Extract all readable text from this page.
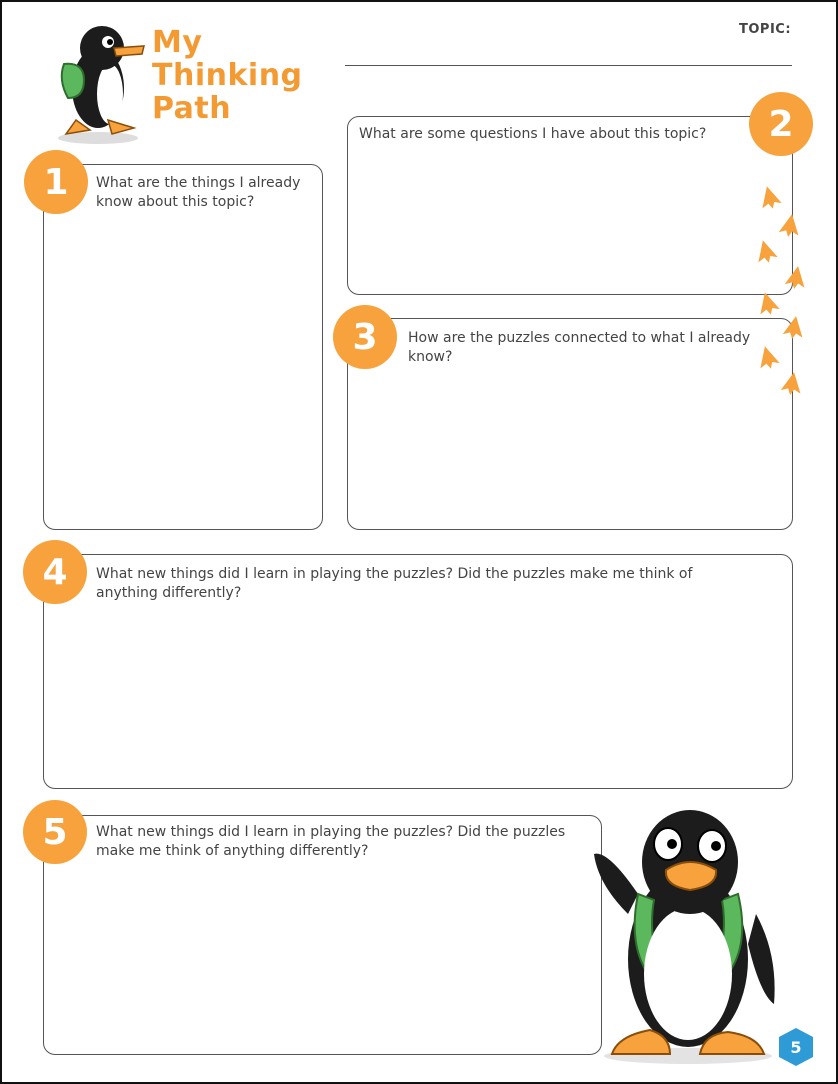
My
Thinking
Path
TOPIC:
1	What are the things I already
know about this topic?
2
What are some questions I have about this topic?
3	How are the puzzles connected to what I already
know?
4	What new things did I learn in playing the puzzles? Did the puzzles make me think of
anything differently?
5	What new things did I learn in playing the puzzles? Did the puzzles
make me think of anything differently?
5
